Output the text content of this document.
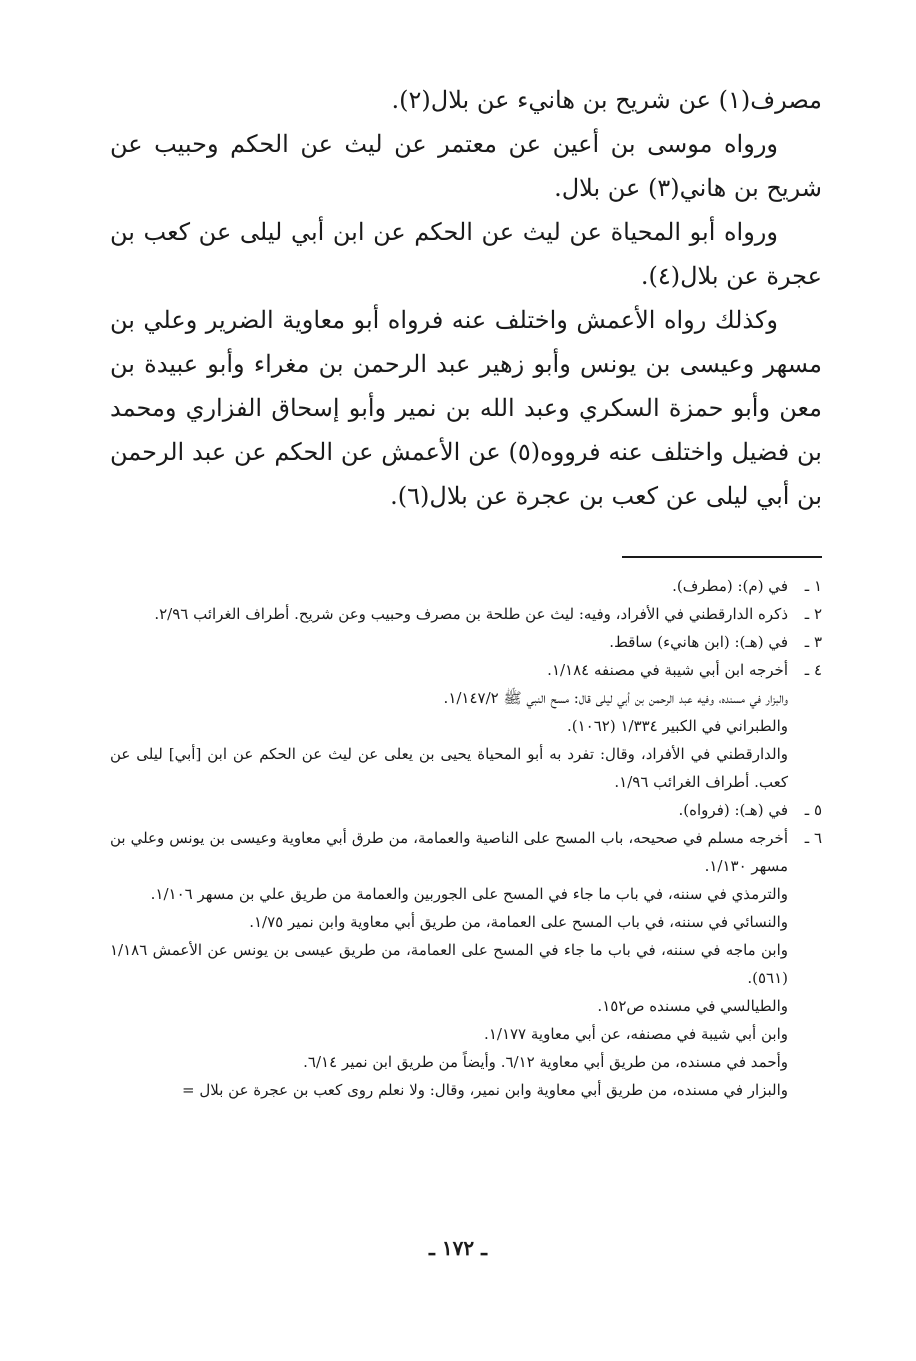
مصرف(١) عن شريح بن هانيء عن بلال(٢).

ورواه موسى بن أعين عن معتمر عن ليث عن الحكم وحبيب عن شريح بن هاني(٣) عن بلال.

ورواه أبو المحياة عن ليث عن الحكم عن ابن أبي ليلى عن كعب بن عجرة عن بلال(٤).

وكذلك رواه الأعمش واختلف عنه فرواه أبو معاوية الضرير وعلي بن مسهر وعيسى بن يونس وأبو زهير عبد الرحمن بن مغراء وأبو عبيدة بن معن وأبو حمزة السكري وعبد الله بن نمير وأبو إسحاق الفزاري ومحمد بن فضيل واختلف عنه فرووه(٥) عن الأعمش عن الحكم عن عبد الرحمن بن أبي ليلى عن كعب بن عجرة عن بلال(٦).

١ ـ

في (م): (مطرف).

٢ ـ

ذكره الدارقطني في الأفراد، وفيه: ليث عن طلحة بن مصرف وحبيب وعن شريح. أطراف الغرائب ٢/٩٦.

٣ ـ

في (هـ): (ابن هانيء) ساقط.

٤ ـ

أخرجه ابن أبي شيبة في مصنفه ١/١٨٤.

والبزار في مسنده، وفيه عبد الرحمن بن أبي ليلى قال: مسح النبي ﷺ ١/١٤٧/٢.

والطبراني في الكبير ١/٣٣٤ (١٠٦٢).

والدارقطني في الأفراد، وقال: تفرد به أبو المحياة يحيى بن يعلى عن ليث عن الحكم عن ابن [أبي] ليلى عن كعب. أطراف الغرائب ١/٩٦.

٥ ـ

في (هـ): (فرواه).

٦ ـ

أخرجه مسلم في صحيحه، باب المسح على الناصية والعمامة، من طرق أبي معاوية وعيسى بن يونس وعلي بن مسهر ١/١٣٠.

والترمذي في سننه، في باب ما جاء في المسح على الجوربين والعمامة من طريق علي بن مسهر ١/١٠٦.

والنسائي في سننه، في باب المسح على العمامة، من طريق أبي معاوية وابن نمير ١/٧٥.

وابن ماجه في سننه، في باب ما جاء في المسح على العمامة، من طريق عيسى بن يونس عن الأعمش ١/١٨٦ (٥٦١).

والطيالسي في مسنده ص١٥٢.

وابن أبي شيبة في مصنفه، عن أبي معاوية ١/١٧٧.

وأحمد في مسنده، من طريق أبي معاوية ٦/١٢. وأيضاً من طريق ابن نمير ٦/١٤.

والبزار في مسنده، من طريق أبي معاوية وابن نمير، وقال: ولا نعلم روى كعب بن عجرة عن بلال =

ـ ١٧٢ ـ
